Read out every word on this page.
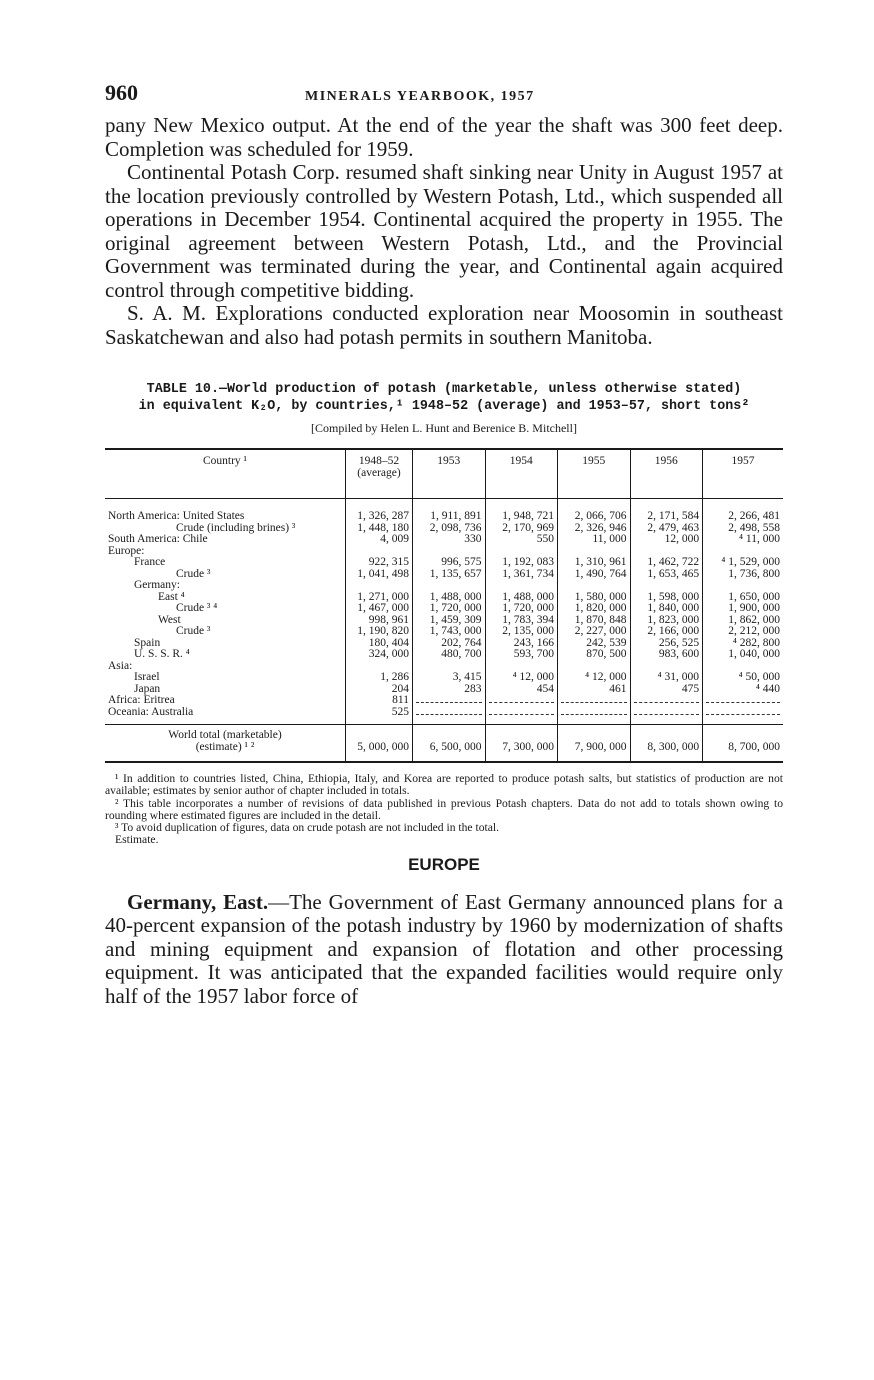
960	MINERALS YEARBOOK, 1957

pany New Mexico output. At the end of the year the shaft was 300 feet deep. Completion was scheduled for 1959.

Continental Potash Corp. resumed shaft sinking near Unity in August 1957 at the location previously controlled by Western Potash, Ltd., which suspended all operations in December 1954. Continental acquired the property in 1955. The original agreement between Western Potash, Ltd., and the Provincial Government was terminated during the year, and Continental again acquired control through competitive bidding.

S. A. M. Explorations conducted exploration near Moosomin in southeast Saskatchewan and also had potash permits in southern Manitoba.

TABLE 10.—World production of potash (marketable, unless otherwise stated)
in equivalent K₂O, by countries,¹ 1948–52 (average) and 1953–57, short tons²
[Compiled by Helen L. Hunt and Berenice B. Mitchell]
Country ¹	1948–52 (average)	1953	1954	1955	1956	1957

North America: United States	1, 326, 287	1, 911, 891	1, 948, 721	2, 066, 706	2, 171, 584	2, 266, 481

Crude (including brines) ³	1, 448, 180	2, 098, 736	2, 170, 969	2, 326, 946	2, 479, 463	2, 498, 558

South America: Chile	4, 009	330	550	11, 000	12, 000	⁴ 11, 000

Europe:						

France	922, 315	996, 575	1, 192, 083	1, 310, 961	1, 462, 722	⁴ 1, 529, 000

Crude ³	1, 041, 498	1, 135, 657	1, 361, 734	1, 490, 764	1, 653, 465	1, 736, 800

Germany:						

East ⁴	1, 271, 000	1, 488, 000	1, 488, 000	1, 580, 000	1, 598, 000	1, 650, 000

Crude ³ ⁴	1, 467, 000	1, 720, 000	1, 720, 000	1, 820, 000	1, 840, 000	1, 900, 000

West	998, 961	1, 459, 309	1, 783, 394	1, 870, 848	1, 823, 000	1, 862, 000

Crude ³	1, 190, 820	1, 743, 000	2, 135, 000	2, 227, 000	2, 166, 000	2, 212, 000

Spain	180, 404	202, 764	243, 166	242, 539	256, 525	⁴ 282, 800

U. S. S. R. ⁴	324, 000	480, 700	593, 700	870, 500	983, 600	1, 040, 000

Asia:						

Israel	1, 286	3, 415	⁴ 12, 000	⁴ 12, 000	⁴ 31, 000	⁴ 50, 000

Japan	204	283	454	461	475	⁴ 440

Africa: Eritrea	811					

Oceania: Australia	525					

World total (marketable)
(estimate) ¹ ²	5, 000, 000	6, 500, 000	7, 300, 000	7, 900, 000	8, 300, 000	8, 700, 000

¹ In addition to countries listed, China, Ethiopia, Italy, and Korea are reported to produce potash salts, but statistics of production are not available; estimates by senior author of chapter included in totals.

² This table incorporates a number of revisions of data published in previous Potash chapters. Data do not add to totals shown owing to rounding where estimated figures are included in the detail.

³ To avoid duplication of figures, data on crude potash are not included in the total.

Estimate.

EUROPE

Germany, East.—The Government of East Germany announced plans for a 40-percent expansion of the potash industry by 1960 by modernization of shafts and mining equipment and expansion of flotation and other processing equipment. It was anticipated that the expanded facilities would require only half of the 1957 labor force of
